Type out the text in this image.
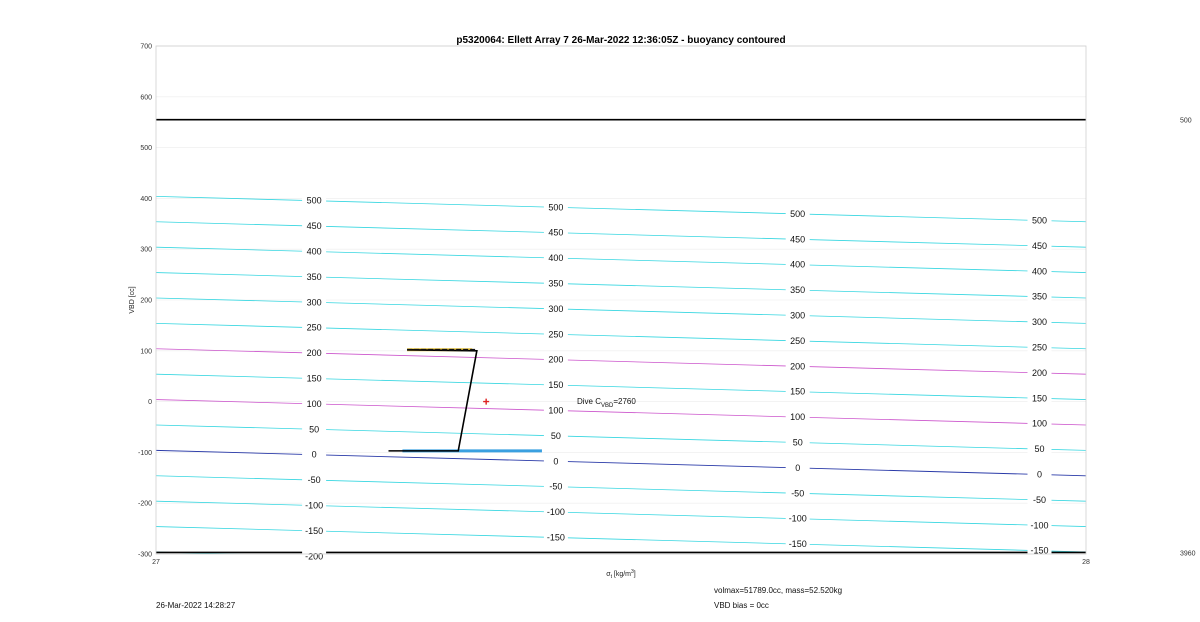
p5320064: Ellett Array 7 26-Mar-2022 12:36:05Z - buoyancy contoured
500
3960
-200
-150
-100
-50
0
50
100
150
200
250
300
350
400
450
500
-150
-100
-50
0
50
100
150
200
250
300
350
400
450
500
-150
-100
-50
0
50
100
150
200
250
300
350
400
450
500
-150
-100
-50
0
50
100
150
200
250
300
350
400
450
500
-300
-200
-100
0
100
200
300
400
500
600
700
27	28
VBD [cc]
$\sigma_t$ $[kg/m^3]$
Dive $C_{VBD}=2760$
26-Mar-2022 14:28:27
volmax=51789.0cc, mass=52.520kg
VBD bias = 0cc
